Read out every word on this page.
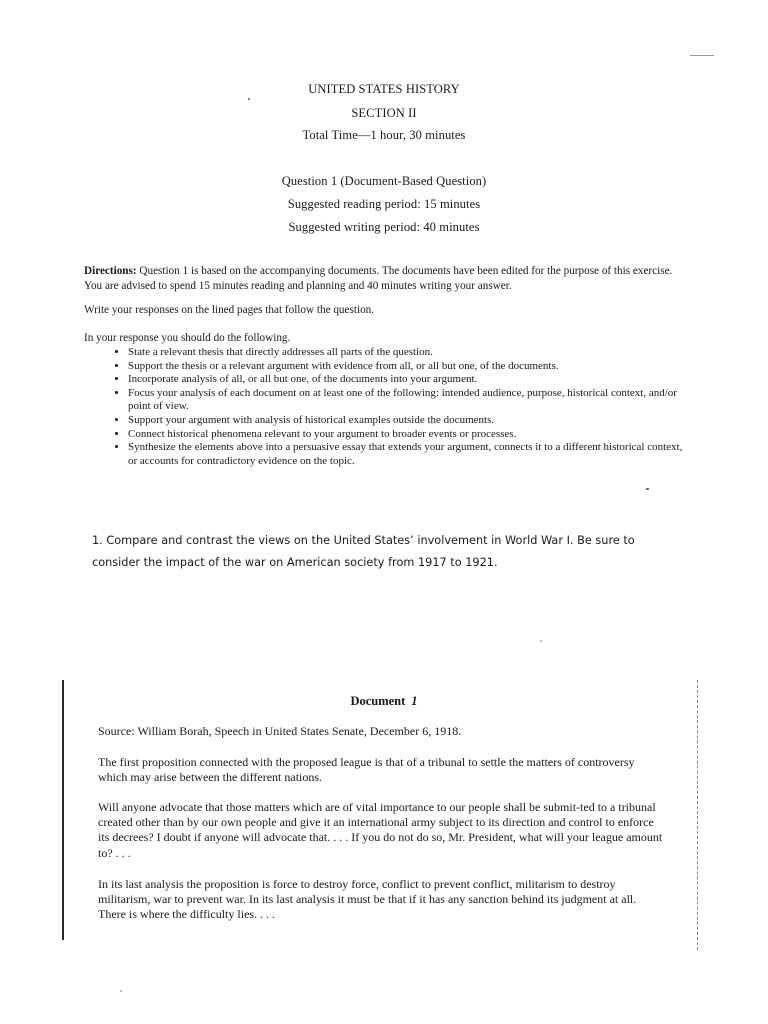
UNITED STATES HISTORY
SECTION II
Total Time—1 hour, 30 minutes
Question 1 (Document-Based Question)
Suggested reading period: 15 minutes
Suggested writing period: 40 minutes
Directions: Question 1 is based on the accompanying documents. The documents have been edited for the purpose of this exercise. You are advised to spend 15 minutes reading and planning and 40 minutes writing your answer.
Write your responses on the lined pages that follow the question.
In your response you should do the following.
• State a relevant thesis that directly addresses all parts of the question.
• Support the thesis or a relevant argument with evidence from all, or all but one, of the documents.
• Incorporate analysis of all, or all but one, of the documents into your argument.
• Focus your analysis of each document on at least one of the following: intended audience, purpose, historical context, and/or point of view.
• Support your argument with analysis of historical examples outside the documents.
• Connect historical phenomena relevant to your argument to broader events or processes.
• Synthesize the elements above into a persuasive essay that extends your argument, connects it to a different historical context, or accounts for contradictory evidence on the topic.
1. Compare and contrast the views on the United States’ involvement in World War I. Be sure to consider the impact of the war on American society from 1917 to 1921.
Document 1
Source: William Borah, Speech in United States Senate, December 6, 1918.
The first proposition connected with the proposed league is that of a tribunal to settle the matters of controversy which may arise between the different nations.
Will anyone advocate that those matters which are of vital importance to our people shall be submit-ted to a tribunal created other than by our own people and give it an international army subject to its direction and control to enforce its decrees? I doubt if anyone will advocate that. . . . If you do not do so, Mr. President, what will your league amount to? . . .
In its last analysis the proposition is force to destroy force, conflict to prevent conflict, militarism to destroy militarism, war to prevent war. In its last analysis it must be that if it has any sanction behind its judgment at all. There is where the difficulty lies. . . .
